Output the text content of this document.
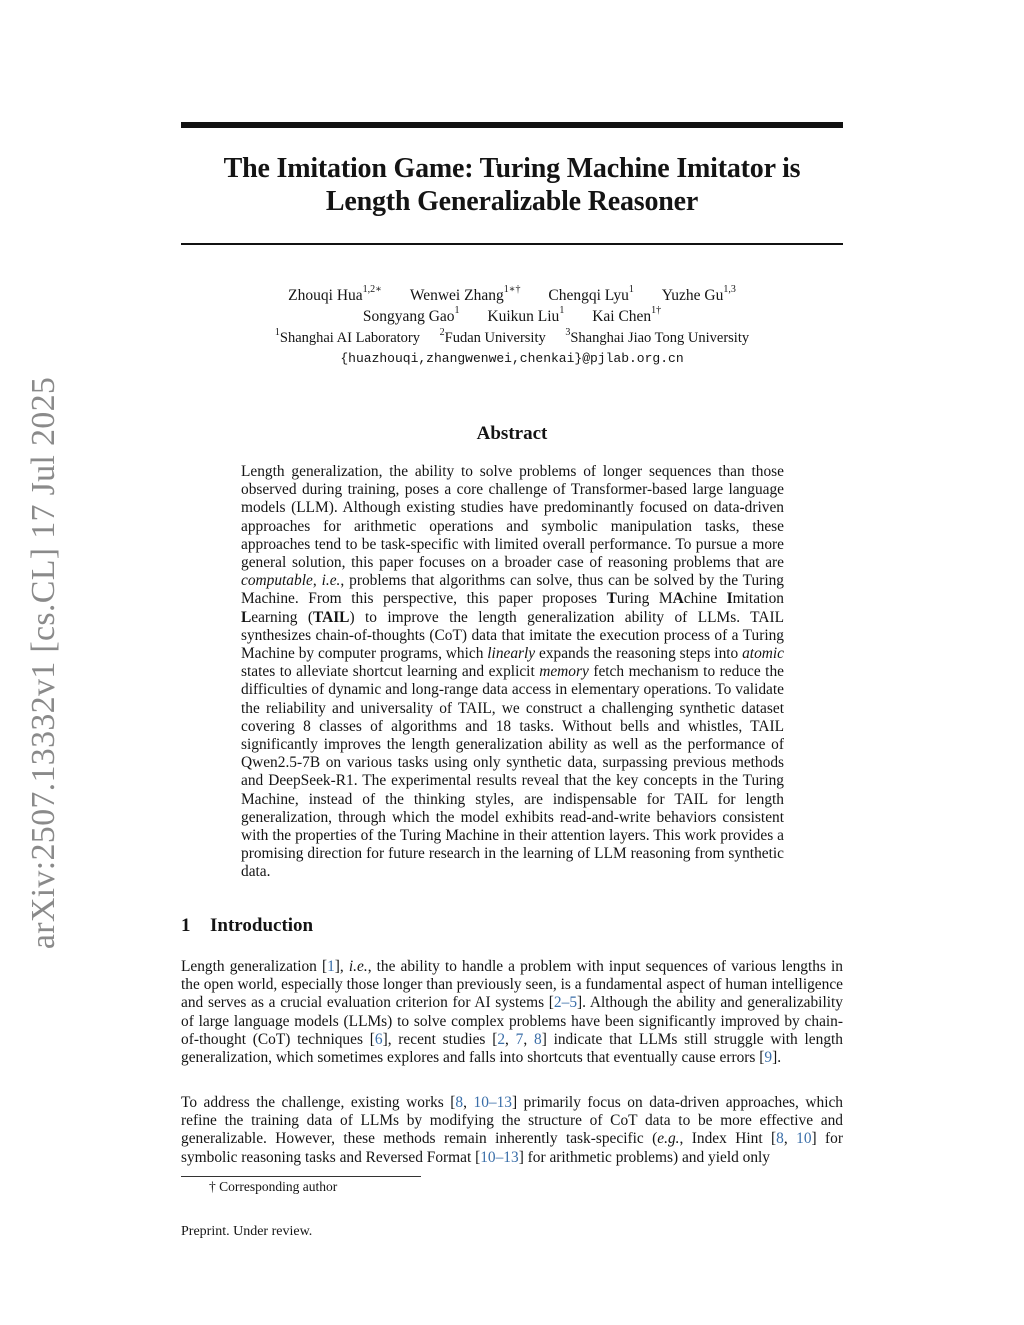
arXiv:2507.13332v1 [cs.CL] 17 Jul 2025
The Imitation Game: Turing Machine Imitator is
Length Generalizable Reasoner
Zhouqi Hua$^{1,2∗}$ Wenwei Zhang$^{1∗\dagger}$ Chengqi Lyu$^1$ Yuzhe Gu$^{1,3}$
Songyang Gao$^1$ Kuikun Liu$^1$ Kai Chen$^{1\dagger}$
$^1$Shanghai AI Laboratory $^2$Fudan University $^3$Shanghai Jiao Tong University
{huazhouqi,zhangwenwei,chenkai}@pjlab.org.cn
Abstract
Length generalization, the ability to solve problems of longer sequences than those observed during training, poses a core challenge of Transformer-based large language models (LLM). Although existing studies have predominantly focused on data-driven approaches for arithmetic operations and symbolic manipulation tasks, these approaches tend to be task-specific with limited overall performance. To pursue a more general solution, this paper focuses on a broader case of reasoning problems that are computable, i.e., problems that algorithms can solve, thus can be solved by the Turing Machine. From this perspective, this paper proposes Turing MAchine Imitation Learning (TAIL) to improve the length generalization ability of LLMs. TAIL synthesizes chain-of-thoughts (CoT) data that imitate the execution process of a Turing Machine by computer programs, which linearly expands the reasoning steps into atomic states to alleviate shortcut learning and explicit memory fetch mechanism to reduce the difficulties of dynamic and long-range data access in elementary operations. To validate the reliability and universality of TAIL, we construct a challenging synthetic dataset covering 8 classes of algorithms and 18 tasks. Without bells and whistles, TAIL significantly improves the length generalization ability as well as the performance of Qwen2.5-7B on various tasks using only synthetic data, surpassing previous methods and DeepSeek-R1. The experimental results reveal that the key concepts in the Turing Machine, instead of the thinking styles, are indispensable for TAIL for length generalization, through which the model exhibits read-and-write behaviors consistent with the properties of the Turing Machine in their attention layers. This work provides a promising direction for future research in the learning of LLM reasoning from synthetic data.
1 Introduction
Length generalization [1], i.e., the ability to handle a problem with input sequences of various lengths in the open world, especially those longer than previously seen, is a fundamental aspect of human intelligence and serves as a crucial evaluation criterion for AI systems [2–5]. Although the ability and generalizability of large language models (LLMs) to solve complex problems have been significantly improved by chain-of-thought (CoT) techniques [6], recent studies [2, 7, 8] indicate that LLMs still struggle with length generalization, which sometimes explores and falls into shortcuts that eventually cause errors [9].
To address the challenge, existing works [8, 10–13] primarily focus on data-driven approaches, which refine the training data of LLMs by modifying the structure of CoT data to be more effective and generalizable. However, these methods remain inherently task-specific (e.g., Index Hint [8, 10] for symbolic reasoning tasks and Reversed Format [10–13] for arithmetic problems) and yield only
† Corresponding author
Preprint. Under review.
